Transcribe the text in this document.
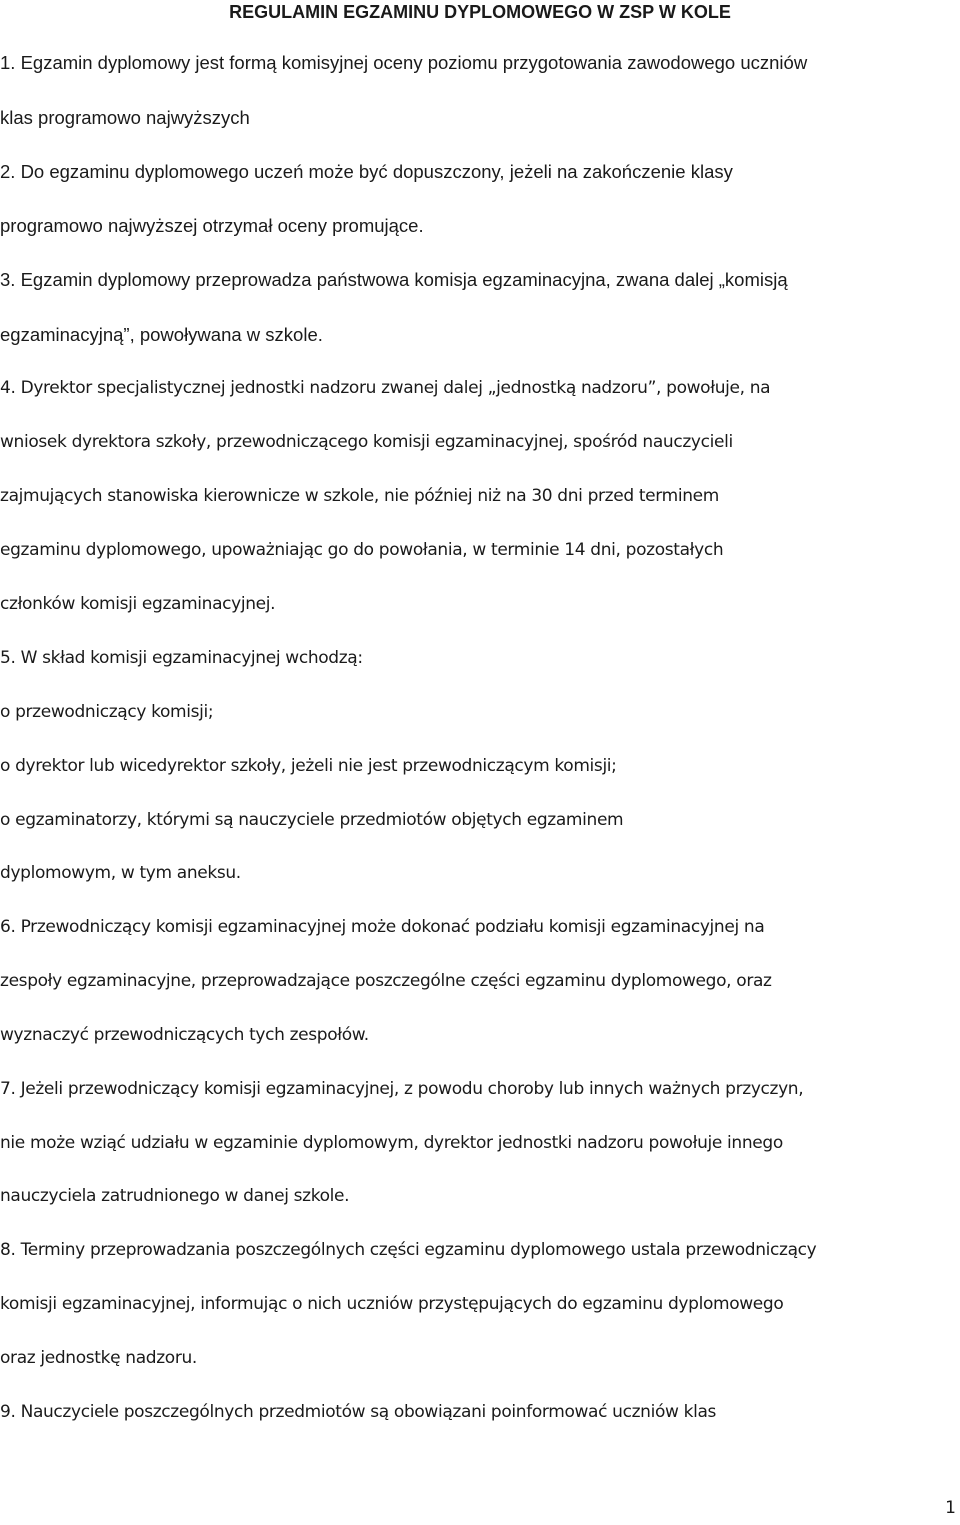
REGULAMIN EGZAMINU DYPLOMOWEGO W ZSP W KOLE
1. Egzamin dyplomowy jest formą komisyjnej oceny poziomu przygotowania zawodowego uczniów
klas programowo najwyższych
2. Do egzaminu dyplomowego uczeń może być dopuszczony, jeżeli na zakończenie klasy
programowo najwyższej otrzymał oceny promujące.
3. Egzamin dyplomowy przeprowadza państwowa komisja egzaminacyjna, zwana dalej „komisją
egzaminacyjną”, powoływana w szkole.
4. Dyrektor specjalistycznej jednostki nadzoru zwanej dalej „jednostką nadzoru”, powołuje, na
wniosek dyrektora szkoły, przewodniczącego komisji egzaminacyjnej, spośród nauczycieli
zajmujących stanowiska kierownicze w szkole, nie później niż na 30 dni przed terminem
egzaminu dyplomowego, upoważniając go do powołania, w terminie 14 dni, pozostałych
członków komisji egzaminacyjnej.
5. W skład komisji egzaminacyjnej wchodzą:
o przewodniczący komisji;
o dyrektor lub wicedyrektor szkoły, jeżeli nie jest przewodniczącym komisji;
o egzaminatorzy, którymi są nauczyciele przedmiotów objętych egzaminem
dyplomowym, w tym aneksu.
6. Przewodniczący komisji egzaminacyjnej może dokonać podziału komisji egzaminacyjnej na
zespoły egzaminacyjne, przeprowadzające poszczególne części egzaminu dyplomowego, oraz
wyznaczyć przewodniczących tych zespołów.
7. Jeżeli przewodniczący komisji egzaminacyjnej, z powodu choroby lub innych ważnych przyczyn,
nie może wziąć udziału w egzaminie dyplomowym, dyrektor jednostki nadzoru powołuje innego
nauczyciela zatrudnionego w danej szkole.
8. Terminy przeprowadzania poszczególnych części egzaminu dyplomowego ustala przewodniczący
komisji egzaminacyjnej, informując o nich uczniów przystępujących do egzaminu dyplomowego
oraz jednostkę nadzoru.
9. Nauczyciele poszczególnych przedmiotów są obowiązani poinformować uczniów klas
1
